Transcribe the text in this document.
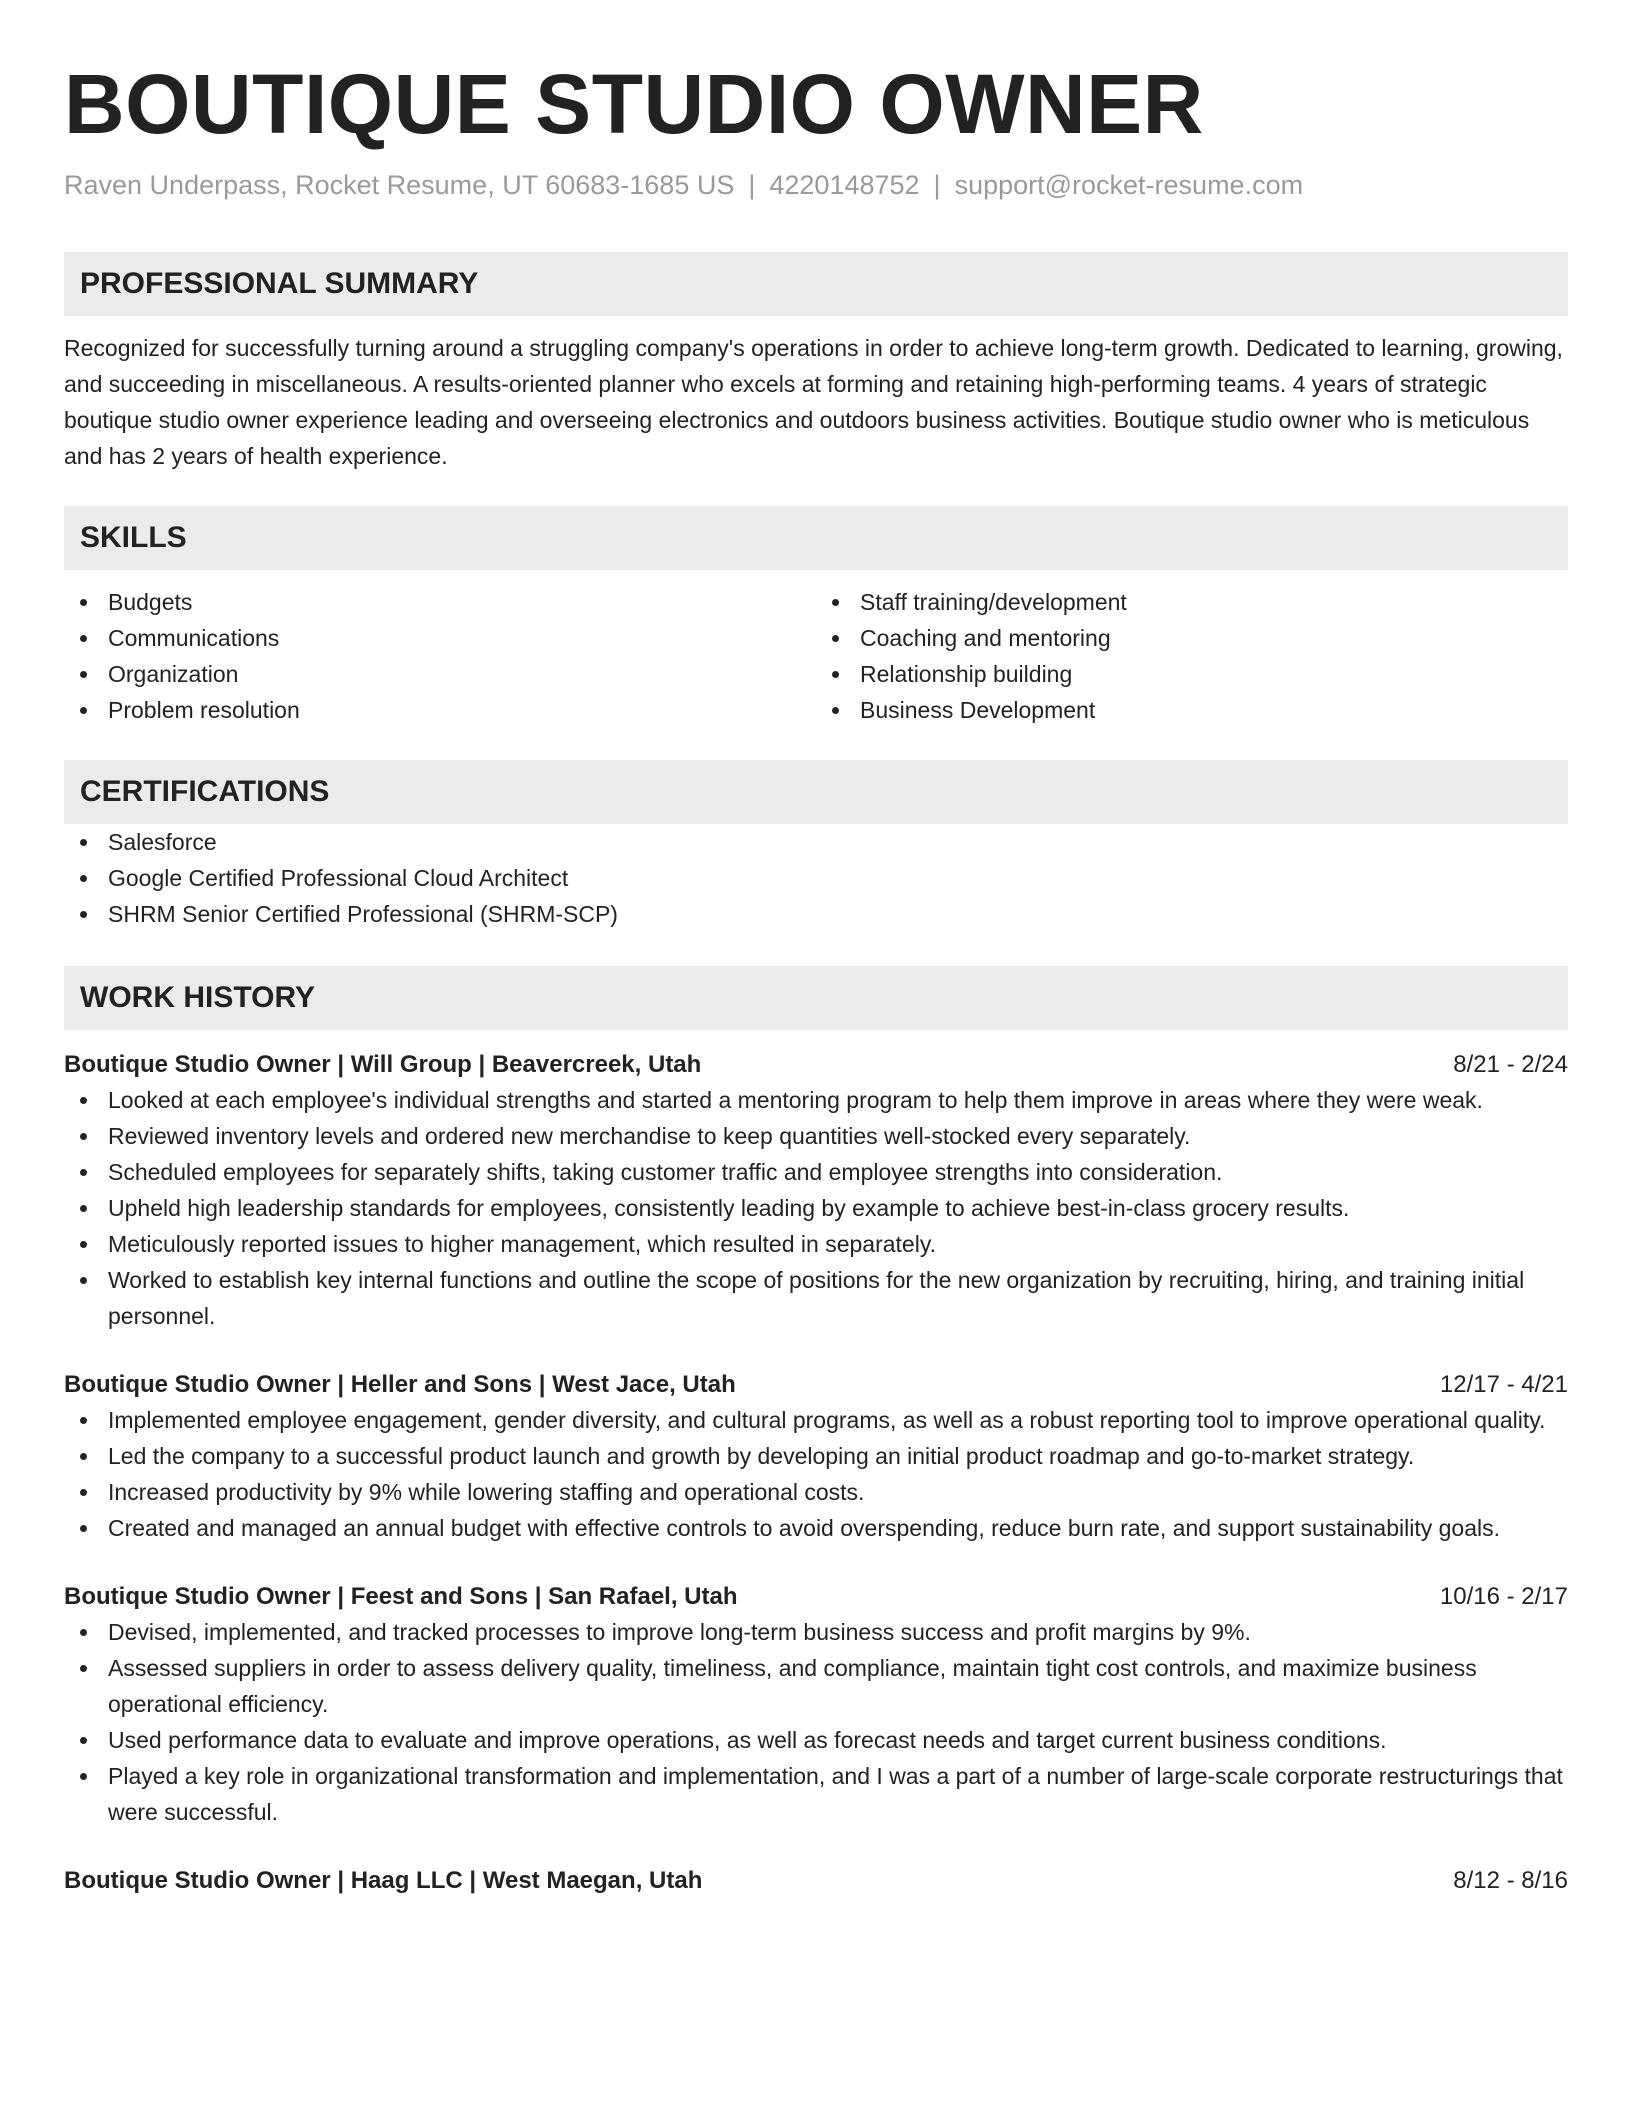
BOUTIQUE STUDIO OWNER
Raven Underpass, Rocket Resume, UT 60683-1685 US | 4220148752 | support@rocket-resume.com
PROFESSIONAL SUMMARY
Recognized for successfully turning around a struggling company's operations in order to achieve long-term growth. Dedicated to learning, growing, and succeeding in miscellaneous. A results-oriented planner who excels at forming and retaining high-performing teams. 4 years of strategic boutique studio owner experience leading and overseeing electronics and outdoors business activities. Boutique studio owner who is meticulous and has 2 years of health experience.
SKILLS
Budgets
Communications
Organization
Problem resolution
Staff training/development
Coaching and mentoring
Relationship building
Business Development
CERTIFICATIONS
Salesforce
Google Certified Professional Cloud Architect
SHRM Senior Certified Professional (SHRM-SCP)
WORK HISTORY
Boutique Studio Owner | Will Group | Beavercreek, Utah	8/21 - 2/24
Looked at each employee's individual strengths and started a mentoring program to help them improve in areas where they were weak.
Reviewed inventory levels and ordered new merchandise to keep quantities well-stocked every separately.
Scheduled employees for separately shifts, taking customer traffic and employee strengths into consideration.
Upheld high leadership standards for employees, consistently leading by example to achieve best-in-class grocery results.
Meticulously reported issues to higher management, which resulted in separately.
Worked to establish key internal functions and outline the scope of positions for the new organization by recruiting, hiring, and training initial personnel.
Boutique Studio Owner | Heller and Sons | West Jace, Utah	12/17 - 4/21
Implemented employee engagement, gender diversity, and cultural programs, as well as a robust reporting tool to improve operational quality.
Led the company to a successful product launch and growth by developing an initial product roadmap and go-to-market strategy.
Increased productivity by 9% while lowering staffing and operational costs.
Created and managed an annual budget with effective controls to avoid overspending, reduce burn rate, and support sustainability goals.
Boutique Studio Owner | Feest and Sons | San Rafael, Utah	10/16 - 2/17
Devised, implemented, and tracked processes to improve long-term business success and profit margins by 9%.
Assessed suppliers in order to assess delivery quality, timeliness, and compliance, maintain tight cost controls, and maximize business operational efficiency.
Used performance data to evaluate and improve operations, as well as forecast needs and target current business conditions.
Played a key role in organizational transformation and implementation, and I was a part of a number of large-scale corporate restructurings that were successful.
Boutique Studio Owner | Haag LLC | West Maegan, Utah	8/12 - 8/16
